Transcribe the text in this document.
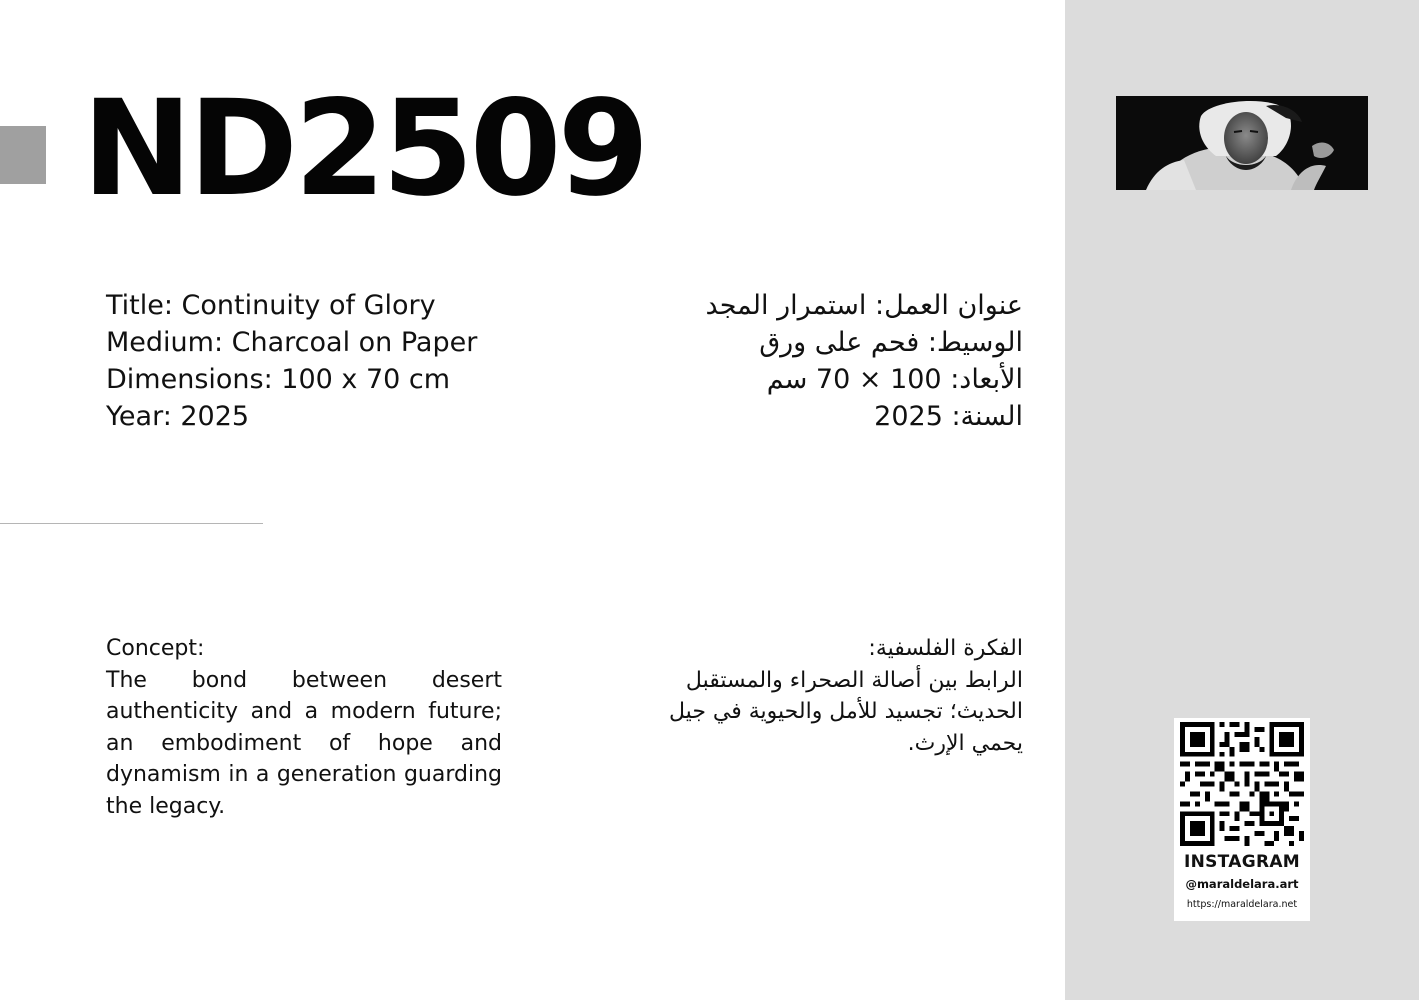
ND2509
Title: Continuity of Glory
Medium: Charcoal on Paper
Dimensions: 100 x 70 cm
Year: 2025
عنوان العمل: استمرار المجد
الوسيط: فحم على ورق
الأبعاد: 100 × 70 سم
السنة: 2025
Concept:
The bond between desert authenticity and a modern future; an embodiment of hope and dynamism in a generation guarding the legacy.
الفكرة الفلسفية:
الرابط بين أصالة الصحراء والمستقبل الحديث؛ تجسيد للأمل والحيوية في جيل يحمي الإرث.
INSTAGRAM
@maraldelara.art
https://maraldelara.net
